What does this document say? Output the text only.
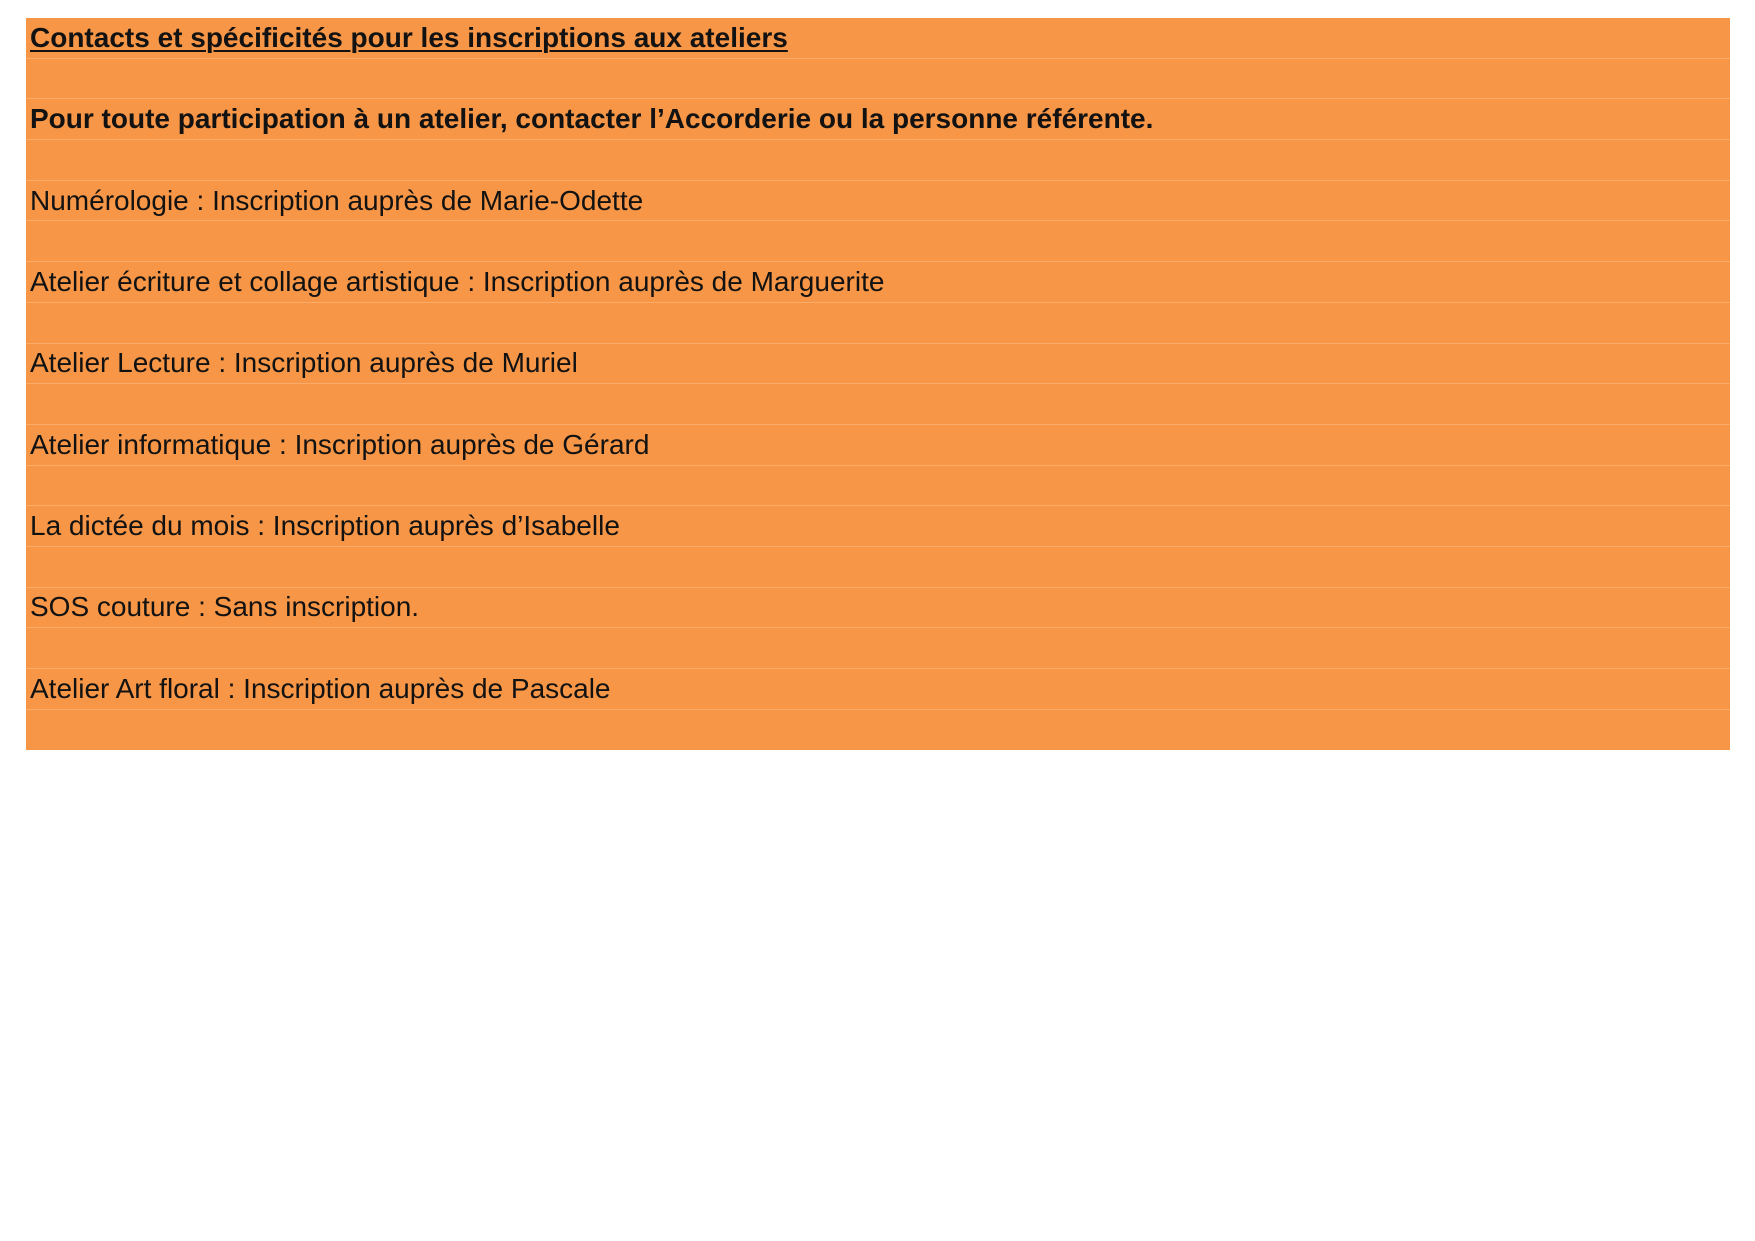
Contacts et spécificités pour les inscriptions aux ateliers
Pour toute participation à un atelier, contacter l’Accorderie ou la personne référente.
Numérologie : Inscription auprès de Marie-Odette
Atelier écriture et collage artistique : Inscription auprès de Marguerite
Atelier Lecture : Inscription auprès de Muriel
Atelier informatique : Inscription auprès de Gérard
La dictée du mois : Inscription auprès d’Isabelle
SOS couture : Sans inscription.
Atelier Art floral : Inscription auprès de Pascale
